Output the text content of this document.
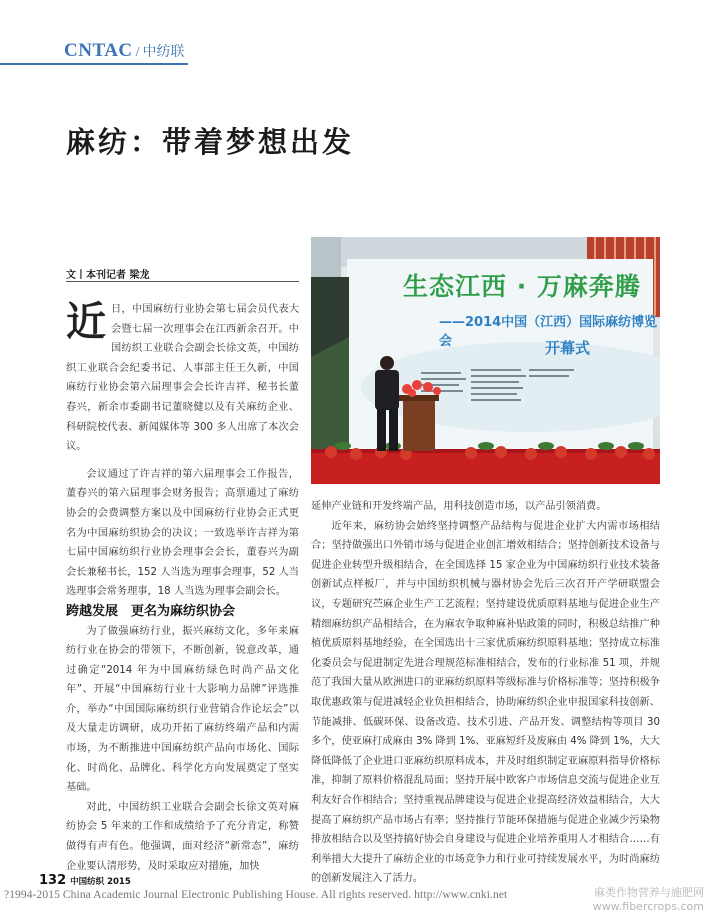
CNTAC / 中纺联
麻纺：带着梦想出发
文丨本刊记者 梁龙	生态江西 · 万麻奔腾
——2014中国（江西）国际麻纺博览会	开幕式

近日，中国麻纺行业协会第七届会员代表大会暨七届一次理事会在江西新余召开。中国纺织工业联合会副会长徐文英，中国纺织工业联合会纪委书记、人事部主任王久新，中国麻纺行业协会第六届理事会会长许吉祥、秘书长董春兴，新余市委副书记董晓健以及有关麻纺企业、科研院校代表、新闻媒体等 300 多人出席了本次会议。

会议通过了许吉祥的第六届理事会工作报告，董春兴的第六届理事会财务报告；高票通过了麻纺协会的会费调整方案以及中国麻纺行业协会正式更名为中国麻纺织协会的决议；一致选举许吉祥为第七届中国麻纺织行业协会理事会会长，董春兴为副会长兼秘书长，152 人当选为理事会理事，52 人当选理事会常务理事，18 人当选为理事会副会长。

跨越发展　更名为麻纺织协会

为了做强麻纺行业，振兴麻纺文化，多年来麻纺行业在协会的带领下，不断创新，锐意改革，通过确定“2014 年为中国麻纺绿色时尚产品文化年”、开展“中国麻纺行业十大影响力品牌”评选推介，举办“中国国际麻纺织行业营销合作论坛会”以及大量走访调研，成功开拓了麻纺终端产品和内需市场，为不断推进中国麻纺织产品向市场化、国际化、时尚化、品牌化、科学化方向发展奠定了坚实基础。

对此，中国纺织工业联合会副会长徐文英对麻纺协会 5 年来的工作和成绩给予了充分肯定，称赞做得有声有色。他强调，面对经济“新常态”，麻纺企业要认清形势，及时采取应对措施，加快

延伸产业链和开发终端产品，用科技创造市场，以产品引领消费。

近年来，麻纺协会始终坚持调整产品结构与促进企业扩大内需市场相结合；坚持做强出口外销市场与促进企业创汇增效相结合；坚持创新技术设备与促进企业转型升级相结合，在全国选择 15 家企业为中国麻纺织行业技术装备创新试点样板厂，并与中国纺织机械与器材协会先后三次召开产学研联盟会议，专题研究苎麻企业生产工艺流程；坚持建设优质原料基地与促进企业生产精细麻纺织产品相结合，在为麻农争取种麻补贴政策的同时，积极总结推广种植优质原料基地经验，在全国选出十三家优质麻纺织原料基地；坚持成立标准化委员会与促进制定先进合理规范标准相结合，发布的行业标准 51 项，并规范了我国大量从欧洲进口的亚麻纺织原料等级标准与价格标准等；坚持积极争取优惠政策与促进减轻企业负担相结合，协助麻纺织企业申报国家科技创新、节能减排、低碳环保、设备改造、技术引进、产品开发、调整结构等项目 30 多个，使亚麻打成麻由 3% 降到 1%、亚麻短纤及废麻由 4% 降到 1%，大大降低降低了企业进口亚麻纺织原料成本，并及时组织制定亚麻原料指导价格标准，抑制了原料价格混乱局面；坚持开展中欧客户市场信息交流与促进企业互利友好合作相结合；坚持重视品牌建设与促进企业提高经济效益相结合，大大提高了麻纺织产品市场占有率；坚持推行节能环保措施与促进企业减少污染物排放相结合以及坚持搞好协会自身建设与促进企业培养重用人才相结合……有利举措大大提升了麻纺企业的市场竞争力和行业可持续发展水平，为时尚麻纺的创新发展注入了活力。

132 中国纺织 2015
?1994-2015 China Academic Journal Electronic Publishing House. All rights reserved. http://www.cnki.net	麻类作物营养与施肥网
www.fibercrops.com
